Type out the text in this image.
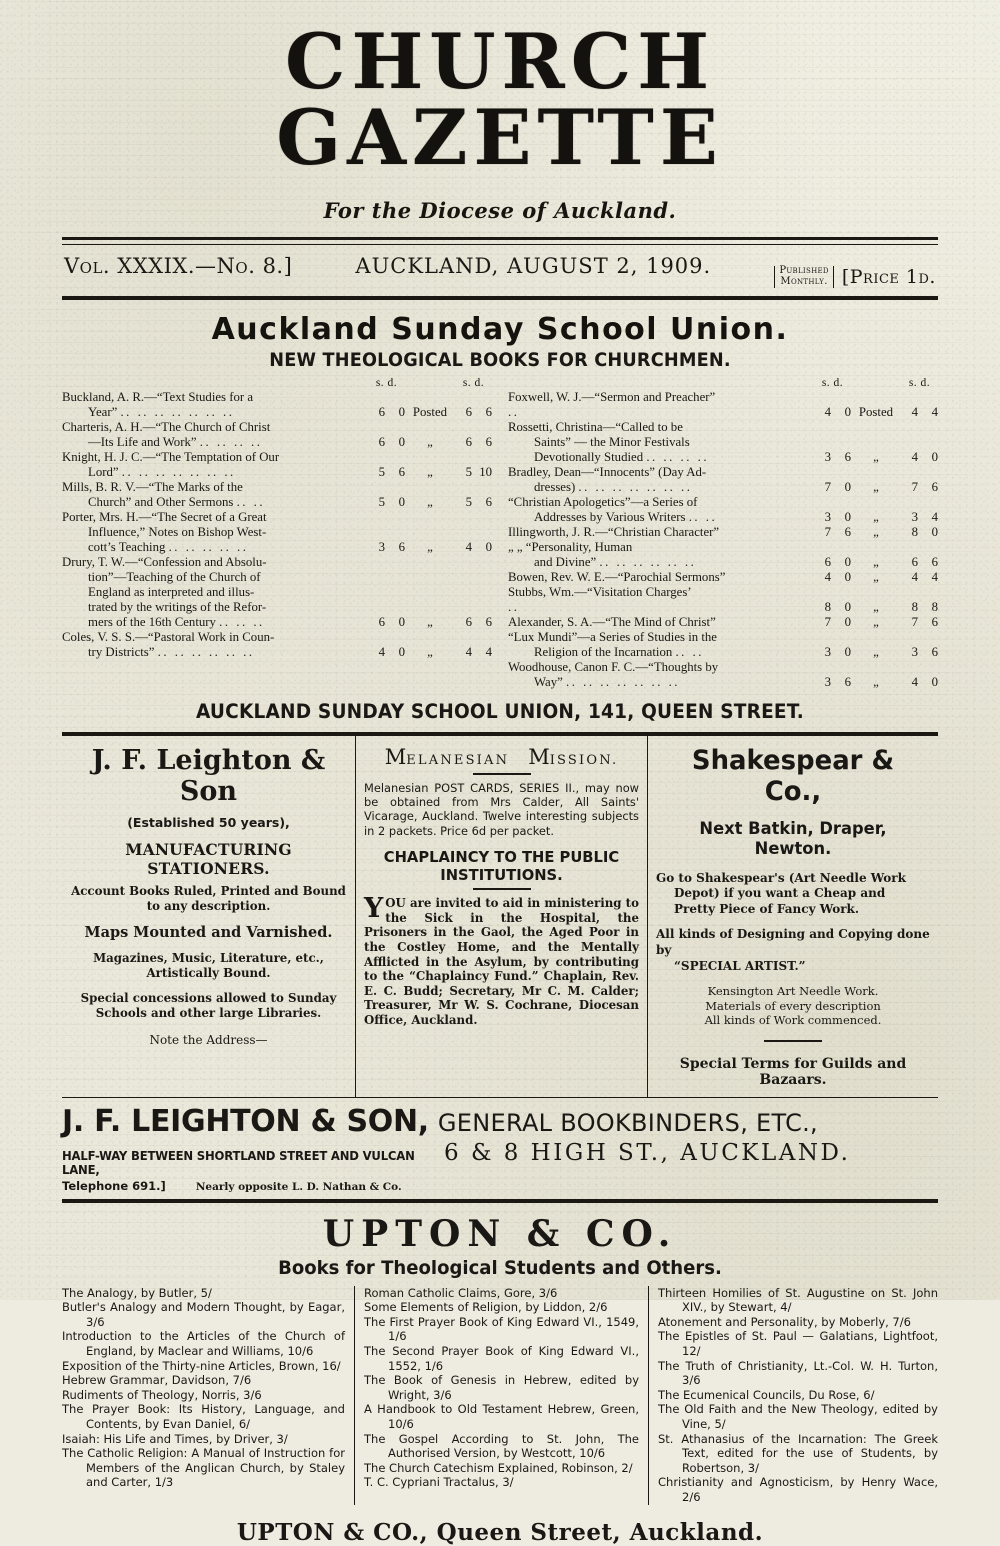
CHURCH GAZETTE
For the Diocese of Auckland.
Vol. XXXIX.—No. 8.]	AUCKLAND, AUGUST 2, 1909.	Published
Monthly. [Price 1d.
Auckland Sunday School Union.
NEW THEOLOGICAL BOOKS FOR CHURCHMEN.
	s. d.			s. d.	

Buckland, A. R.—“Text Studies for a
Year” .. .. .. .. .. .. ..	6	0	Posted	6	6

Charteris, A. H.—“The Church of Christ
—Its Life and Work” .. .. .. ..	6	0	„	6	6

Knight, H. J. C.—“The Temptation of Our
Lord” .. .. .. .. .. .. ..	5	6	„	5	10

Mills, B. R. V.—“The Marks of the
Church” and Other Sermons .. ..	5	0	„	5	6

Porter, Mrs. H.—“The Secret of a Great
Influence,” Notes on Bishop West-
cott’s Teaching .. .. .. .. ..	3	6	„	4	0

Drury, T. W.—“Confession and Absolu-
tion”—Teaching of the Church of
England as interpreted and illus-
trated by the writings of the Refor-
mers of the 16th Century .. .. ..	6	0	„	6	6

Coles, V. S. S.—“Pastoral Work in Coun-
try Districts” .. .. .. .. .. ..	4	0	„	4	4
	s. d.			s. d.	

Foxwell, W. J.—“Sermon and Preacher”
..	4	0	Posted	4	4

Rossetti, Christina—“Called to be
Saints” — the Minor Festivals
Devotionally Studied .. .. .. ..	3	6	„	4	0

Bradley, Dean—“Innocents” (Day Ad-
dresses) .. .. .. .. .. .. ..	7	0	„	7	6

“Christian Apologetics”—a Series of
Addresses by Various Writers .. ..	3	0	„	3	4

Illingworth, J. R.—“Christian Character”	7	6	„	8	0

„ „ “Personality, Human
and Divine” .. .. .. .. .. ..	6	0	„	6	6

Bowen, Rev. W. E.—“Parochial Sermons”	4	0	„	4	4

Stubbs, Wm.—“Visitation Charges’
..	8	0	„	8	8

Alexander, S. A.—“The Mind of Christ”	7	0	„	7	6

“Lux Mundi”—a Series of Studies in the
Religion of the Incarnation .. ..	3	0	„	3	6

Woodhouse, Canon F. C.—“Thoughts by
Way” .. .. .. .. .. .. ..	3	6	„	4	0
AUCKLAND SUNDAY SCHOOL UNION, 141, QUEEN STREET.
J. F. Leighton & Son
(Established 50 years),
MANUFACTURING STATIONERS.
Account Books Ruled, Printed and Bound to any description.
Maps Mounted and Varnished.
Magazines, Music, Literature, etc., Artistically Bound.
Special concessions allowed to Sunday Schools and other large Libraries.
Note the Address—
MELANESIAN MISSION.
Melanesian POST CARDS, SERIES II., may now be obtained from Mrs Calder, All Saints' Vicarage, Auckland. Twelve interesting subjects in 2 packets. Price 6d per packet.
CHAPLAINCY TO THE PUBLIC INSTITUTIONS.
YOU are invited to aid in ministering to the Sick in the Hospital, the Prisoners in the Gaol, the Aged Poor in the Costley Home, and the Mentally Afflicted in the Asylum, by contributing to the “Chaplaincy Fund.” Chaplain, Rev. E. C. Budd; Secretary, Mr C. M. Calder; Treasurer, Mr W. S. Cochrane, Diocesan Office, Auckland.
Shakespear & Co.,
Next Batkin, Draper, Newton.
Go to Shakespear's (Art Needle Work
Depot) if you want a Cheap and Pretty Piece of Fancy Work.
All kinds of Designing and Copying done by
“SPECIAL ARTIST.”
Kensington Art Needle Work.
Materials of every description
All kinds of Work commenced.
Special Terms for Guilds and Bazaars.
J. F. LEIGHTON & SON, GENERAL BOOKBINDERS, ETC.,
HALF-WAY BETWEEN SHORTLAND STREET AND VULCAN LANE,
Telephone 691.]	Nearly opposite L. D. Nathan & Co.
6 & 8 HIGH ST., AUCKLAND.
UPTON & CO.
Books for Theological Students and Others.
The Analogy, by Butler, 5/
Butler's Analogy and Modern Thought, by Eagar, 3/6
Introduction to the Articles of the Church of England, by Maclear and Williams, 10/6
Exposition of the Thirty-nine Articles, Brown, 16/
Hebrew Grammar, Davidson, 7/6
Rudiments of Theology, Norris, 3/6
The Prayer Book: Its History, Language, and Contents, by Evan Daniel, 6/
Isaiah: His Life and Times, by Driver, 3/
The Catholic Religion: A Manual of Instruction for Members of the Anglican Church, by Staley and Carter, 1/3
Roman Catholic Claims, Gore, 3/6
Some Elements of Religion, by Liddon, 2/6
The First Prayer Book of King Edward VI., 1549, 1/6
The Second Prayer Book of King Edward VI., 1552, 1/6
The Book of Genesis in Hebrew, edited by Wright, 3/6
A Handbook to Old Testament Hebrew, Green, 10/6
The Gospel According to St. John, The Authorised Version, by Westcott, 10/6
The Church Catechism Explained, Robinson, 2/
T. C. Cypriani Tractalus, 3/
Thirteen Homilies of St. Augustine on St. John XIV., by Stewart, 4/
Atonement and Personality, by Moberly, 7/6
The Epistles of St. Paul — Galatians, Lightfoot, 12/
The Truth of Christianity, Lt.-Col. W. H. Turton, 3/6
The Ecumenical Councils, Du Rose, 6/
The Old Faith and the New Theology, edited by Vine, 5/
St. Athanasius of the Incarnation: The Greek Text, edited for the use of Students, by Robertson, 3/
Christianity and Agnosticism, by Henry Wace, 2/6
UPTON & CO., Queen Street, Auckland.
